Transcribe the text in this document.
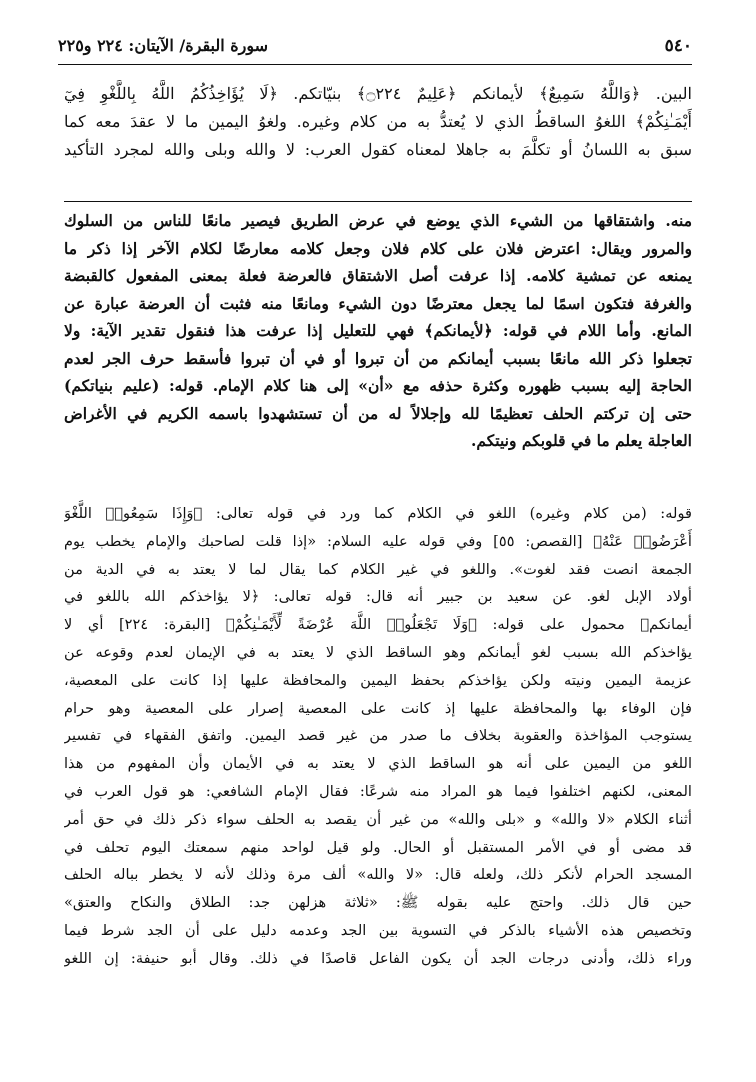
٥٤٠
سورة البقرة/ الآيتان: ٢٢٤ و٢٢٥
البين. ﴿وَاللَّهُ سَمِيعٌ﴾ لأيمانكم ﴿عَلِيمٌ ۝٢٢٤﴾ بنيّاتكم. ﴿لَا يُؤَاخِذُكُمُ اللَّهُ بِاللَّغْوِ فِيٓ
أَيْمَـٰنِكُمْ﴾ اللغوُ الساقطُ الذي لا يُعتدُّ به من كلام وغيره. ولغوُ اليمين ما لا عقدَ معه كما
سبق به اللسانُ أو تكلَّمَ به جاهلا لمعناه كقول العرب: لا والله وبلى والله لمجرد التأكيد
منه. واشتقاقها من الشيء الذي يوضع في عرض الطريق فيصير مانعًا للناس من السلوك
والمرور ويقال: اعترض فلان على كلام فلان وجعل كلامه معارضًا لكلام الآخر إذا ذكر ما
يمنعه عن تمشية كلامه. إذا عرفت أصل الاشتقاق فالعرضة فعلة بمعنى المفعول كالقبضة
والغرفة فتكون اسمًا لما يجعل معترضًا دون الشيء ومانعًا منه فثبت أن العرضة عبارة عن
المانع. وأما اللام في قوله: ﴿لأيمانكم﴾ فهي للتعليل إذا عرفت هذا فنقول تقدير الآية: ولا
تجعلوا ذكر الله مانعًا بسبب أيمانكم من أن تبروا أو في أن تبروا فأسقط حرف الجر لعدم
الحاجة إليه بسبب ظهوره وكثرة حذفه مع «أن» إلى هنا كلام الإمام. قوله: (عليم بنياتكم)
حتى إن تركتم الحلف تعظيمًا لله وإجلالاً له من أن تستشهدوا باسمه الكريم في الأغراض
العاجلة يعلم ما في قلوبكم ونيتكم.
قوله: (من كلام وغيره) اللغو في الكلام كما ورد في قوله تعالى: ﴿وَإِذَا سَمِعُوا۟ اللَّغْوَ
أَعْرَضُوا۟ عَنْهُ﴾ [القصص: ٥٥] وفي قوله عليه السلام: «إذا قلت لصاحبك والإمام يخطب يوم
الجمعة انصت فقد لغوت». واللغو في غير الكلام كما يقال لما لا يعتد به في الدية من
أولاد الإبل لغو. عن سعيد بن جبير أنه قال: قوله تعالى: ﴿لا يؤاخذكم الله باللغو في
أيمانكم﴾ محمول على قوله: ﴿وَلَا تَجْعَلُوا۟ اللَّهَ عُرْضَةً لِّأَيْمَـٰنِكُمْ﴾ [البقرة: ٢٢٤] أي لا
يؤاخذكم الله بسبب لغو أيمانكم وهو الساقط الذي لا يعتد به في الإيمان لعدم وقوعه عن
عزيمة اليمين ونيته ولكن يؤاخذكم بحفظ اليمين والمحافظة عليها إذا كانت على المعصية،
فإن الوفاء بها والمحافظة عليها إذ كانت على المعصية إصرار على المعصية وهو حرام
يستوجب المؤاخذة والعقوبة بخلاف ما صدر من غير قصد اليمين. واتفق الفقهاء في تفسير
اللغو من اليمين على أنه هو الساقط الذي لا يعتد به في الأيمان وأن المفهوم من هذا
المعنى، لكنهم اختلفوا فيما هو المراد منه شرعًا: فقال الإمام الشافعي: هو قول العرب في
أثناء الكلام «لا والله» و «بلى والله» من غير أن يقصد به الحلف سواء ذكر ذلك في حق أمر
قد مضى أو في الأمر المستقبل أو الحال. ولو قيل لواحد منهم سمعتك اليوم تحلف في
المسجد الحرام لأنكر ذلك، ولعله قال: «لا والله» ألف مرة وذلك لأنه لا يخطر بباله الحلف
حين قال ذلك. واحتج عليه بقوله ﷺ: «ثلاثة هزلهن جد: الطلاق والنكاح والعتق»
وتخصيص هذه الأشياء بالذكر في التسوية بين الجد وعدمه دليل على أن الجد شرط فيما
وراء ذلك، وأدنى درجات الجد أن يكون الفاعل قاصدًا في ذلك. وقال أبو حنيفة: إن اللغو
